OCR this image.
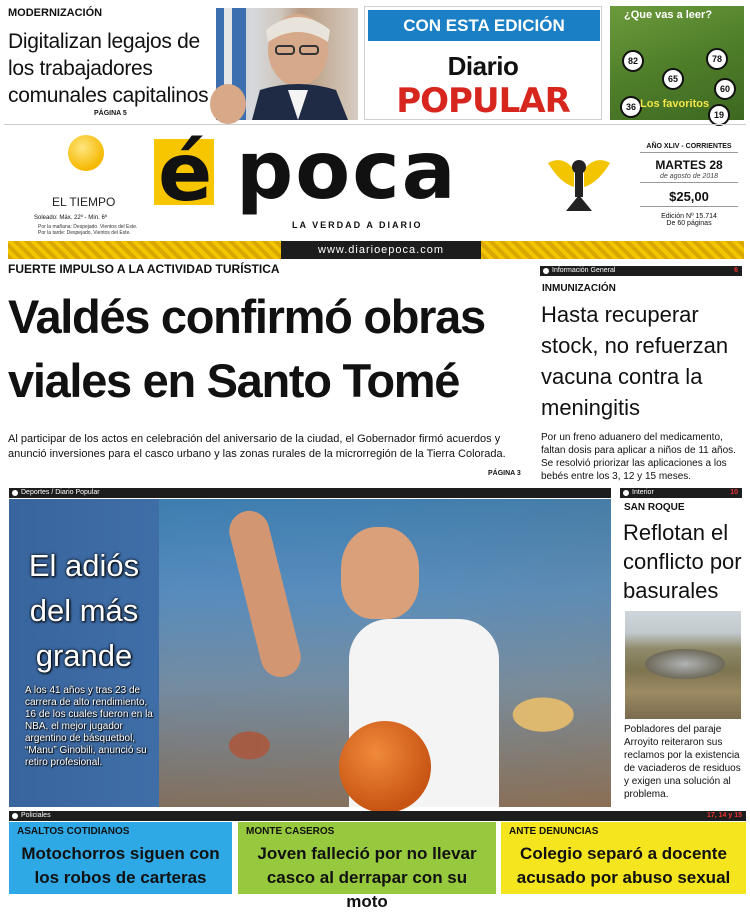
MODERNIZACIÓN
Digitalizan legajos de los trabajadores comunales capitalinos
PÁGINA 5
CON ESTA EDICIÓN
Diario
POPULAR
¿Que vas a leer?
82	78
65
60
36
19
Los favoritos
EL TIEMPO
Soleado: Máx. 22º - Mín. 6º
Por la mañana: Despejado. Vientos del Este.
Por la tarde: Despejado. Vientos del Este.
é poca
LA VERDAD A DIARIO
AÑO XLIV - CORRIENTES
MARTES 28
de agosto de 2018
$25,00
Edición Nº 15.714
De 60 páginas
www.diarioepoca.com
FUERTE IMPULSO A LA ACTIVIDAD TURÍSTICA
Valdés confirmó obras viales en Santo Tomé
Al participar de los actos en celebración del aniversario de la ciudad, el Gobernador firmó acuerdos y anunció inversiones para el casco urbano y las zonas rurales de la microrregión de la Tierra Colorada.
PÁGINA 3
Información General	6
INMUNIZACIÓN
Hasta recuperar stock, no refuerzan vacuna contra la meningitis
Por un freno aduanero del medicamento, faltan dosis para aplicar a niños de 11 años. Se resolvió priorizar las aplicaciones a los bebés entre los 3, 12 y 15 meses.
Deportes / Diario Popular
El adiós del más grande
A los 41 años y tras 23 de carrera de alto rendimiento, 16 de los cuales fueron en la NBA, el mejor jugador argentino de básquetbol, “Manu” Ginobili, anunció su retiro profesional.
Interior	10
SAN ROQUE
Reflotan el conflicto por basurales
Pobladores del paraje Arroyito reiteraron sus reclamos por la existencia de vaciaderos de residuos y exigen una solución al problema.
Policiales	17, 14 y 15
ASALTOS COTIDIANOS
Motochorros siguen con los robos de carteras
MONTE CASEROS
Joven falleció por no llevar casco al derrapar con su moto
ANTE DENUNCIAS
Colegio separó a docente acusado por abuso sexual
